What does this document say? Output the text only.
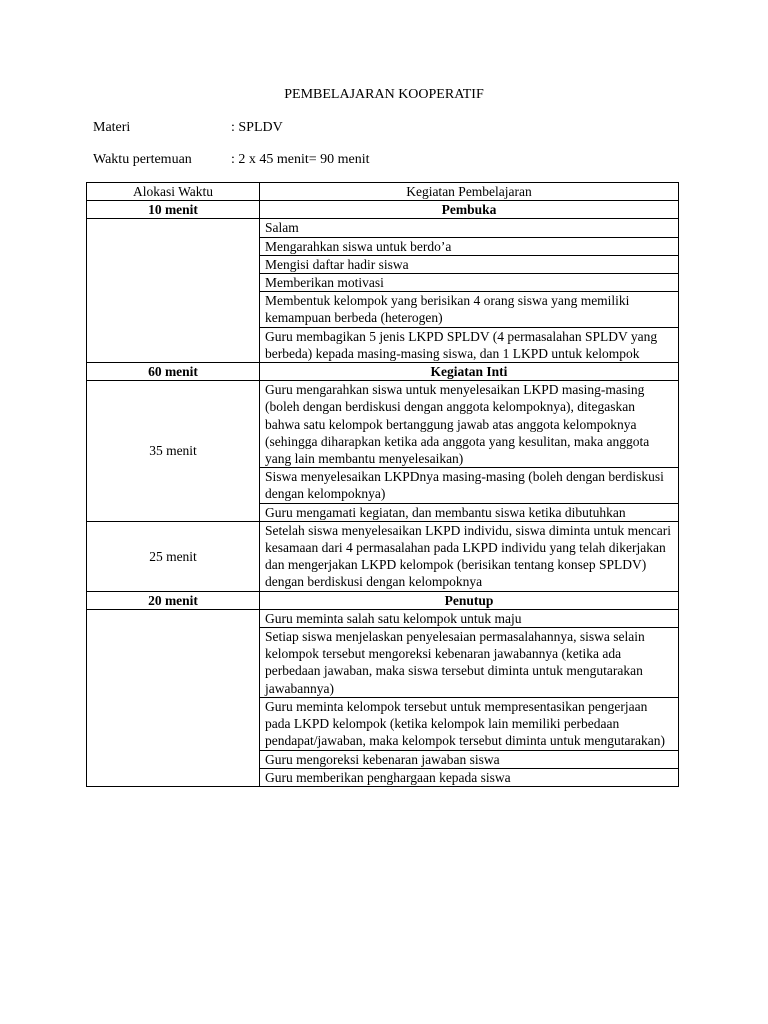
PEMBELAJARAN KOOPERATIF
Materi	: SPLDV
Waktu pertemuan	: 2 x 45 menit= 90 menit
Alokasi Waktu	Kegiatan Pembelajaran
10 menit	Pembuka
	Salam
	Mengarahkan siswa untuk berdo’a
	Mengisi daftar hadir siswa
	Memberikan motivasi
	Membentuk kelompok yang berisikan 4 orang siswa yang memiliki kemampuan berbeda (heterogen)
	Guru membagikan 5 jenis LKPD SPLDV (4 permasalahan SPLDV yang berbeda) kepada masing-masing siswa, dan 1 LKPD untuk kelompok
60 menit	Kegiatan Inti
35 menit	Guru mengarahkan siswa untuk menyelesaikan LKPD masing-masing (boleh dengan berdiskusi dengan anggota kelompoknya), ditegaskan bahwa satu kelompok bertanggung jawab atas anggota kelompoknya (sehingga diharapkan ketika ada anggota yang kesulitan, maka anggota yang lain membantu menyelesaikan)
	Siswa menyelesaikan LKPDnya masing-masing (boleh dengan berdiskusi dengan kelompoknya)
	Guru mengamati kegiatan, dan membantu siswa ketika dibutuhkan
25 menit	Setelah siswa menyelesaikan LKPD individu, siswa diminta untuk mencari kesamaan dari 4 permasalahan pada LKPD individu yang telah dikerjakan dan mengerjakan LKPD kelompok (berisikan tentang konsep SPLDV) dengan berdiskusi dengan kelompoknya
20 menit	Penutup
	Guru meminta salah satu kelompok untuk maju
	Setiap siswa menjelaskan penyelesaian permasalahannya, siswa selain kelompok tersebut mengoreksi kebenaran jawabannya (ketika ada perbedaan jawaban, maka siswa tersebut diminta untuk mengutarakan jawabannya)
	Guru meminta kelompok tersebut untuk mempresentasikan pengerjaan pada LKPD kelompok (ketika kelompok lain memiliki perbedaan pendapat/jawaban, maka kelompok tersebut diminta untuk mengutarakan)
	Guru mengoreksi kebenaran jawaban siswa
	Guru memberikan penghargaan kepada siswa
